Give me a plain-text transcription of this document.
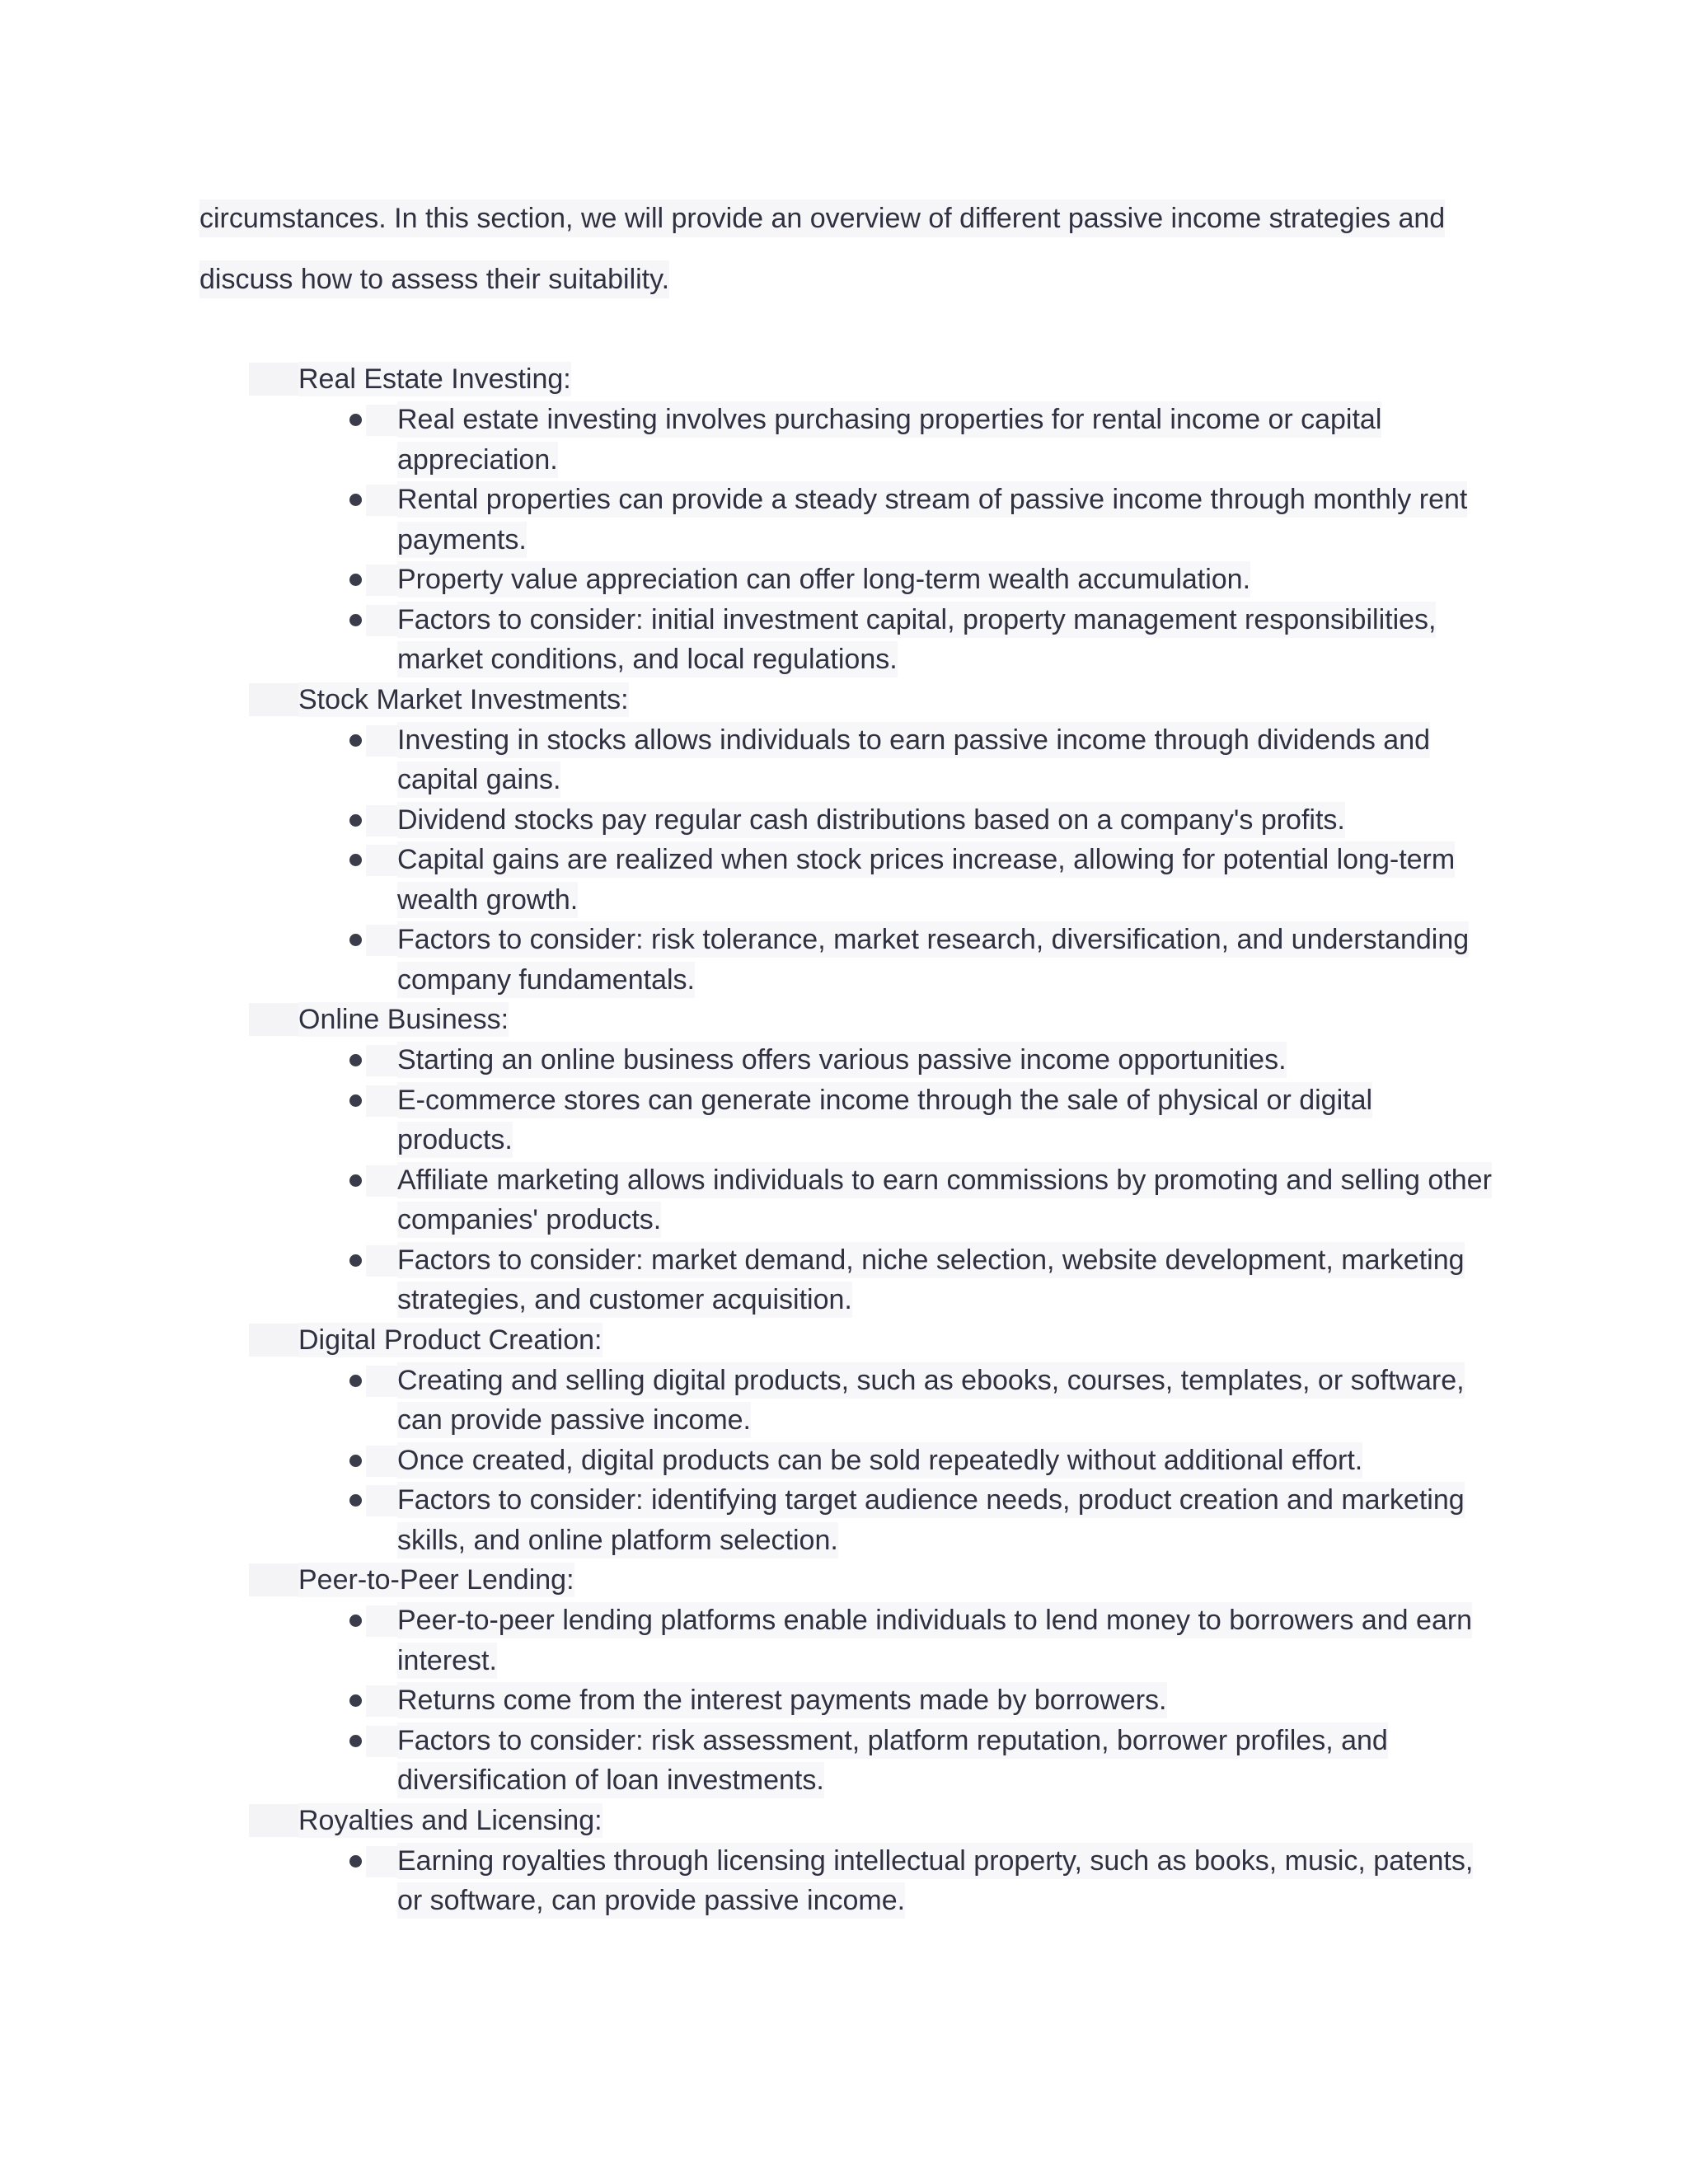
circumstances. In this section, we will provide an overview of different passive income strategies and discuss how to assess their suitability.
Real Estate Investing:
Real estate investing involves purchasing properties for rental income or capital appreciation.
Rental properties can provide a steady stream of passive income through monthly rent payments.
Property value appreciation can offer long-term wealth accumulation.
Factors to consider: initial investment capital, property management responsibilities, market conditions, and local regulations.
Stock Market Investments:
Investing in stocks allows individuals to earn passive income through dividends and capital gains.
Dividend stocks pay regular cash distributions based on a company's profits.
Capital gains are realized when stock prices increase, allowing for potential long-term wealth growth.
Factors to consider: risk tolerance, market research, diversification, and understanding company fundamentals.
Online Business:
Starting an online business offers various passive income opportunities.
E-commerce stores can generate income through the sale of physical or digital products.
Affiliate marketing allows individuals to earn commissions by promoting and selling other companies' products.
Factors to consider: market demand, niche selection, website development, marketing strategies, and customer acquisition.
Digital Product Creation:
Creating and selling digital products, such as ebooks, courses, templates, or software, can provide passive income.
Once created, digital products can be sold repeatedly without additional effort.
Factors to consider: identifying target audience needs, product creation and marketing skills, and online platform selection.
Peer-to-Peer Lending:
Peer-to-peer lending platforms enable individuals to lend money to borrowers and earn interest.
Returns come from the interest payments made by borrowers.
Factors to consider: risk assessment, platform reputation, borrower profiles, and diversification of loan investments.
Royalties and Licensing:
Earning royalties through licensing intellectual property, such as books, music, patents, or software, can provide passive income.
